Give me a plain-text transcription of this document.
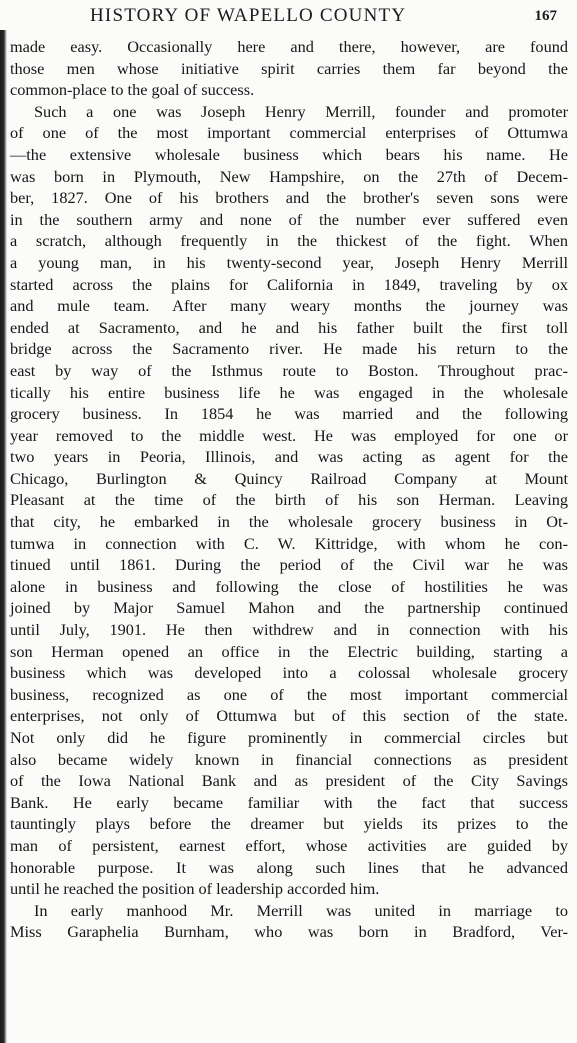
HISTORY OF WAPELLO COUNTY	167
made easy. Occasionally here and there, however, are found
those men whose initiative spirit carries them far beyond the
common-place to the goal of success.
Such a one was Joseph Henry Merrill, founder and promoter
of one of the most important commercial enterprises of Ottumwa
—the extensive wholesale business which bears his name. He
was born in Plymouth, New Hampshire, on the 27th of Decem-
ber, 1827. One of his brothers and the brother's seven sons were
in the southern army and none of the number ever suffered even
a scratch, although frequently in the thickest of the fight. When
a young man, in his twenty-second year, Joseph Henry Merrill
started across the plains for California in 1849, traveling by ox
and mule team. After many weary months the journey was
ended at Sacramento, and he and his father built the first toll
bridge across the Sacramento river. He made his return to the
east by way of the Isthmus route to Boston. Throughout prac-
tically his entire business life he was engaged in the wholesale
grocery business. In 1854 he was married and the following
year removed to the middle west. He was employed for one or
two years in Peoria, Illinois, and was acting as agent for the
Chicago, Burlington & Quincy Railroad Company at Mount
Pleasant at the time of the birth of his son Herman. Leaving
that city, he embarked in the wholesale grocery business in Ot-
tumwa in connection with C. W. Kittridge, with whom he con-
tinued until 1861. During the period of the Civil war he was
alone in business and following the close of hostilities he was
joined by Major Samuel Mahon and the partnership continued
until July, 1901. He then withdrew and in connection with his
son Herman opened an office in the Electric building, starting a
business which was developed into a colossal wholesale grocery
business, recognized as one of the most important commercial
enterprises, not only of Ottumwa but of this section of the state.
Not only did he figure prominently in commercial circles but
also became widely known in financial connections as president
of the Iowa National Bank and as president of the City Savings
Bank. He early became familiar with the fact that success
tauntingly plays before the dreamer but yields its prizes to the
man of persistent, earnest effort, whose activities are guided by
honorable purpose. It was along such lines that he advanced
until he reached the position of leadership accorded him.
In early manhood Mr. Merrill was united in marriage to
Miss Garaphelia Burnham, who was born in Bradford, Ver-
